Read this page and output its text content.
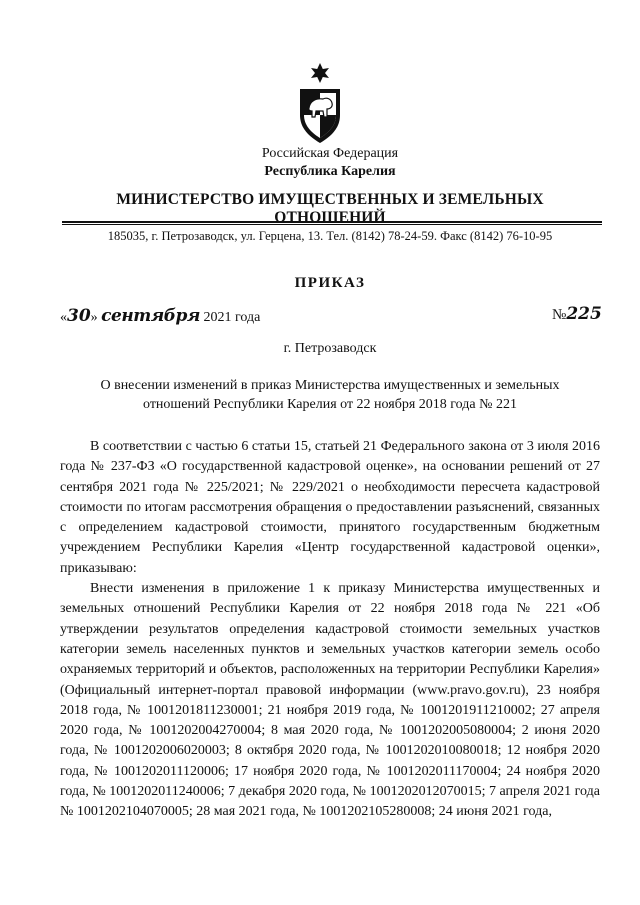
Российская Федерация
Республика Карелия
МИНИСТЕРСТВО ИМУЩЕСТВЕННЫХ И ЗЕМЕЛЬНЫХ ОТНОШЕНИЙ
185035, г. Петрозаводск, ул. Герцена, 13. Тел. (8142) 78-24-59. Факс (8142) 76-10-95
ПРИКАЗ
«30» сентября 2021 года	№225
г. Петрозаводск
О внесении изменений в приказ Министерства имущественных и земельных
отношений Республики Карелия от 22 ноября 2018 года № 221

В соответствии с частью 6 статьи 15, статьей 21 Федерального закона от 3 июля 2016 года № 237-ФЗ «О государственной кадастровой оценке», на основании решений от 27 сентября 2021 года № 225/2021; № 229/2021 о необходимости пересчета кадастровой стоимости по итогам рассмотрения обращения о предоставлении разъяснений, связанных с определением кадастровой стоимости, принятого государственным бюджетным учреждением Республики Карелия «Центр государственной кадастровой оценки», приказываю:

Внести изменения в приложение 1 к приказу Министерства имущественных и земельных отношений Республики Карелия от 22 ноября 2018 года № 221 «Об утверждении результатов определения кадастровой стоимости земельных участков категории земель населенных пунктов и земельных участков категории земель особо охраняемых территорий и объектов, расположенных на территории Республики Карелия» (Официальный интернет-портал правовой информации (www.pravo.gov.ru), 23 ноября 2018 года, № 1001201811230001; 21 ноября 2019 года, № 1001201911210002; 27 апреля 2020 года, № 1001202004270004; 8 мая 2020 года, № 1001202005080004; 2 июня 2020 года, № 1001202006020003; 8 октября 2020 года, № 1001202010080018; 12 ноября 2020 года, № 1001202011120006; 17 ноября 2020 года, № 1001202011170004; 24 ноября 2020 года, № 1001202011240006; 7 декабря 2020 года, № 1001202012070015; 7 апреля 2021 года № 1001202104070005; 28 мая 2021 года, № 1001202105280008; 24 июня 2021 года,
